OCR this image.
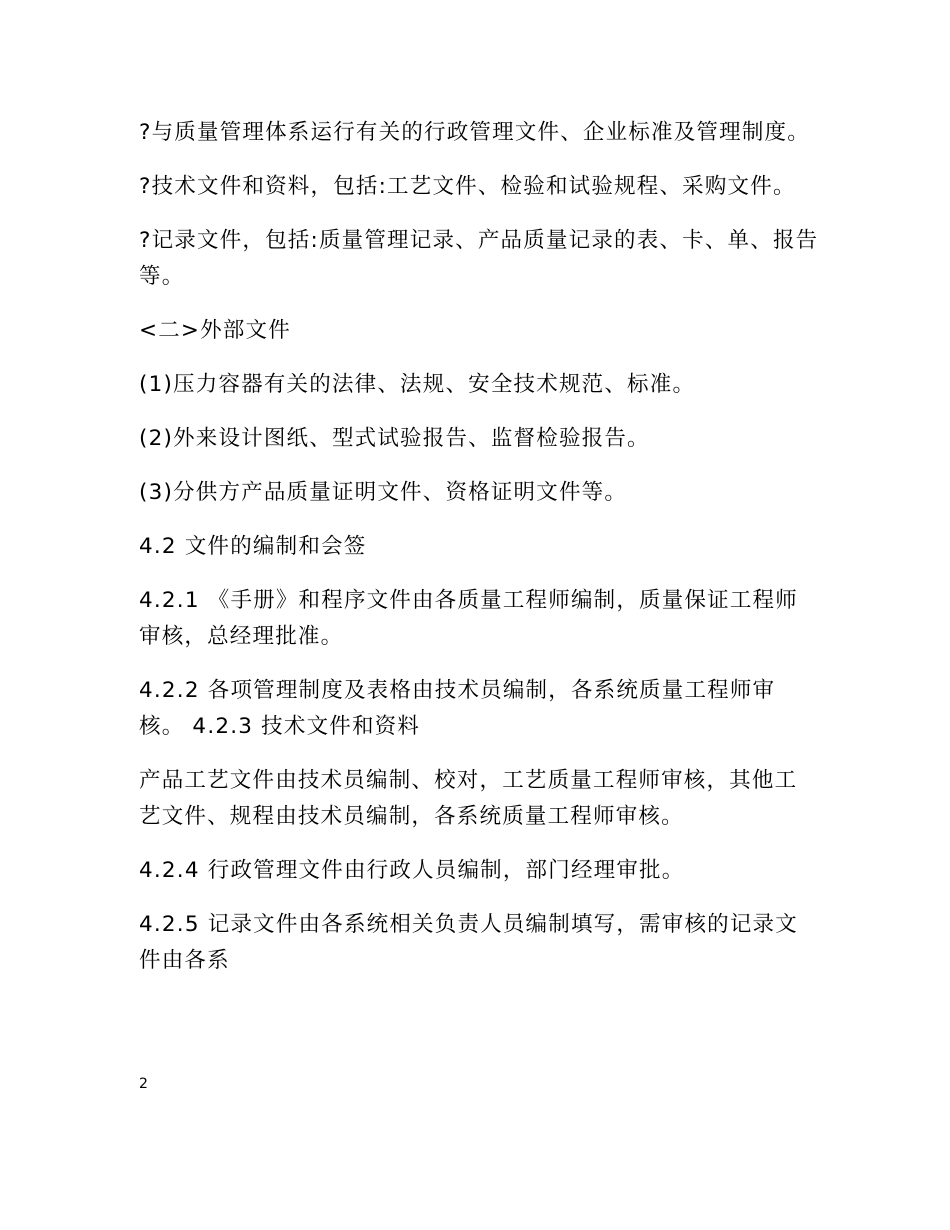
?与质量管理体系运行有关的行政管理文件、企业标准及管理制度。

?技术文件和资料，包括:工艺文件、检验和试验规程、采购文件。

?记录文件，包括:质量管理记录、产品质量记录的表、卡、单、报告等。

<二>外部文件

(1)压力容器有关的法律、法规、安全技术规范、标准。

(2)外来设计图纸、型式试验报告、监督检验报告。

(3)分供方产品质量证明文件、资格证明文件等。

4.2 文件的编制和会签

4.2.1 《手册》和程序文件由各质量工程师编制，质量保证工程师审核，总经理批准。

4.2.2 各项管理制度及表格由技术员编制，各系统质量工程师审核。 4.2.3 技术文件和资料

产品工艺文件由技术员编制、校对，工艺质量工程师审核，其他工艺文件、规程由技术员编制，各系统质量工程师审核。

4.2.4 行政管理文件由行政人员编制，部门经理审批。

4.2.5 记录文件由各系统相关负责人员编制填写，需审核的记录文件由各系

2
